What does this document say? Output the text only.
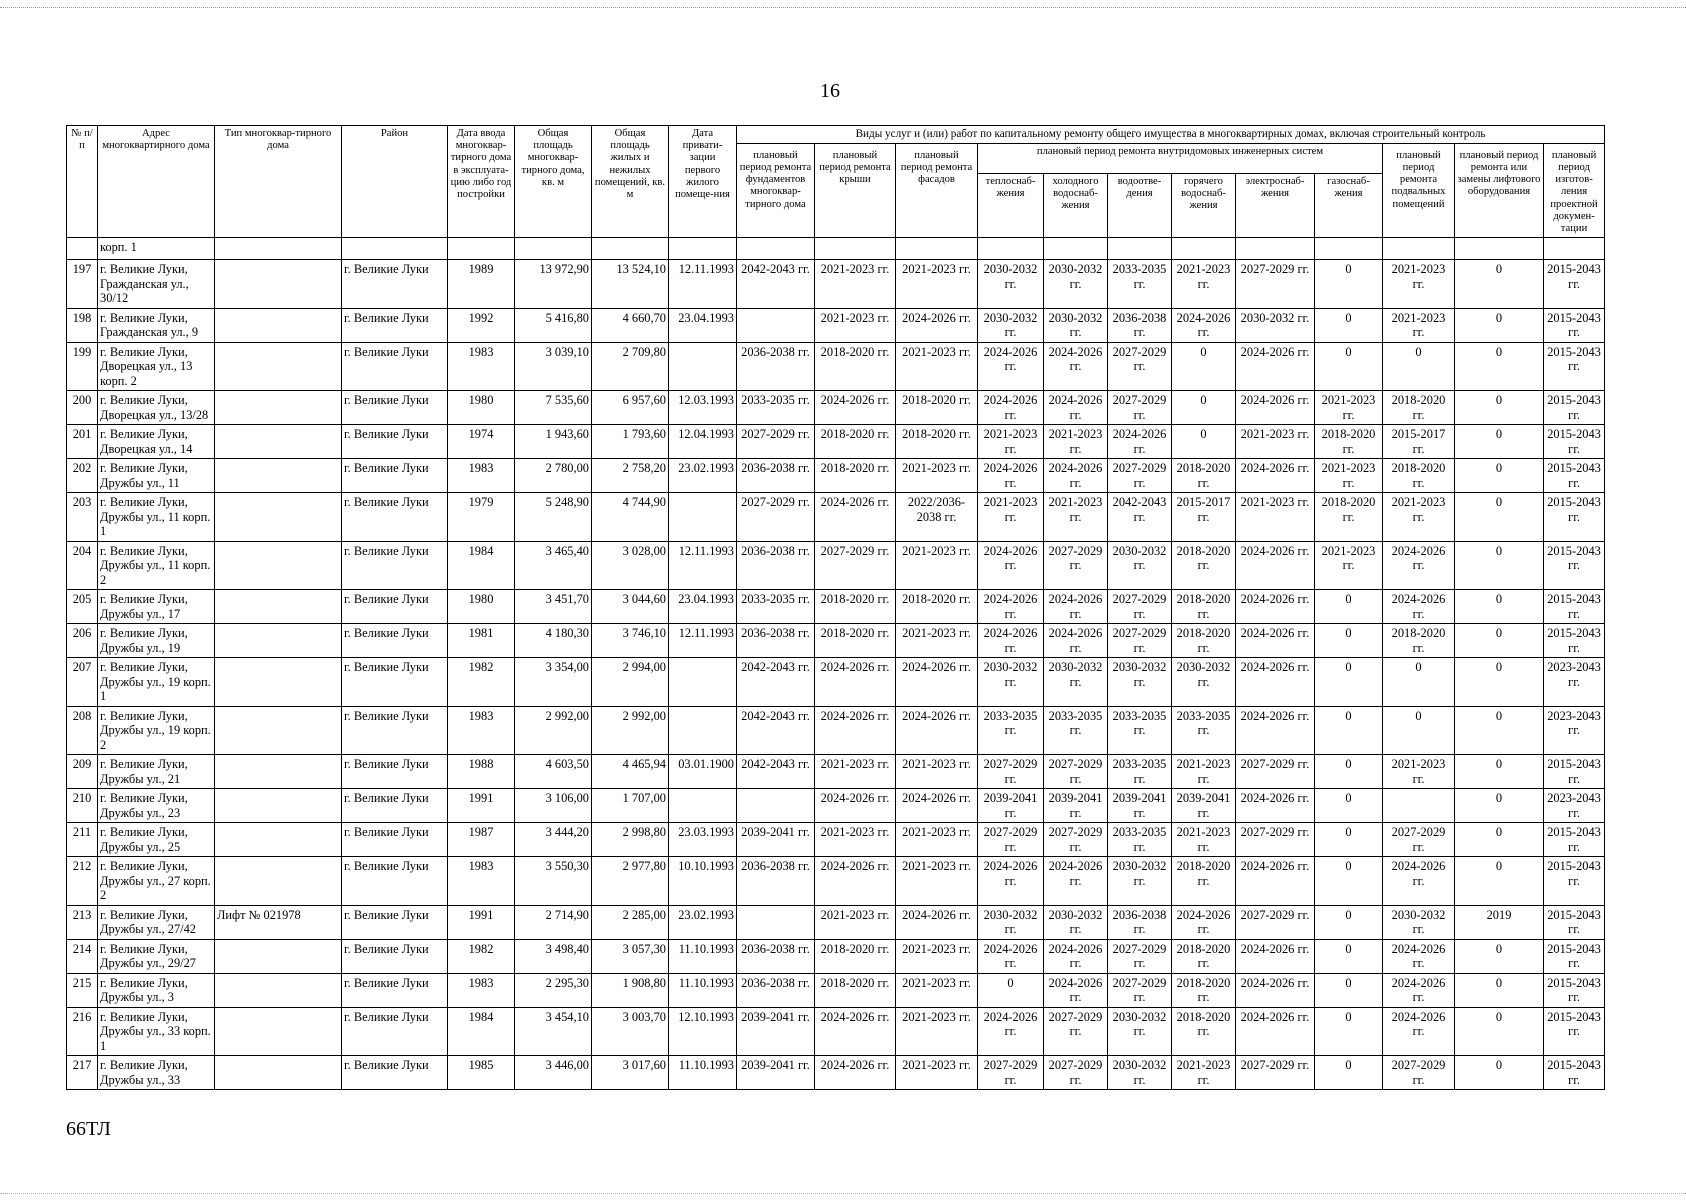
16
№ п/п	Адрес многоквартирного дома	Тип многоквар-тирного дома	Район	Дата ввода многоквар-тирного дома в эксплуата-цию либо год постройки	Общая площадь многоквар-тирного дома, кв. м	Общая площадь жилых и нежилых помещений, кв. м	Дата привати-зации первого жилого помеще-ния	Виды услуг и (или) работ по капитальному ремонту общего имущества в многоквартирных домах, включая строительный контроль											
								плановый период ремонта фундаментов многоквар-тирного дома	плановый период ремонта крыши	плановый период ремонта фасадов	плановый период ремонта внутридомовых инженерных систем						плановый период ремонта подвальных помещений	плановый период ремонта или замены лифтового оборудования	плановый период изготов-ления проектной докумен-тации
											теплоснаб-жения	холодного водоснаб-жения	водоотве-дения	горячего водоснаб-жения	электроснаб-жения	газоснаб-жения			
	корп. 1																		
197	г. Великие Луки, Гражданская ул., 30/12		г. Великие Луки	1989	13 972,90	13 524,10	12.11.1993	2042-2043 гг.	2021-2023 гг.	2021-2023 гг.	2030-2032 гг.	2030-2032 гг.	2033-2035 гг.	2021-2023 гг.	2027-2029 гг.	0	2021-2023 гг.	0	2015-2043 гг.
198	г. Великие Луки, Гражданская ул., 9		г. Великие Луки	1992	5 416,80	4 660,70	23.04.1993		2021-2023 гг.	2024-2026 гг.	2030-2032 гг.	2030-2032 гг.	2036-2038 гг.	2024-2026 гг.	2030-2032 гг.	0	2021-2023 гг.	0	2015-2043 гг.
199	г. Великие Луки, Дворецкая ул., 13 корп. 2		г. Великие Луки	1983	3 039,10	2 709,80		2036-2038 гг.	2018-2020 гг.	2021-2023 гг.	2024-2026 гг.	2024-2026 гг.	2027-2029 гг.	0	2024-2026 гг.	0	0	0	2015-2043 гг.
200	г. Великие Луки, Дворецкая ул., 13/28		г. Великие Луки	1980	7 535,60	6 957,60	12.03.1993	2033-2035 гг.	2024-2026 гг.	2018-2020 гг.	2024-2026 гг.	2024-2026 гг.	2027-2029 гг.	0	2024-2026 гг.	2021-2023 гг.	2018-2020 гг.	0	2015-2043 гг.
201	г. Великие Луки, Дворецкая ул., 14		г. Великие Луки	1974	1 943,60	1 793,60	12.04.1993	2027-2029 гг.	2018-2020 гг.	2018-2020 гг.	2021-2023 гг.	2021-2023 гг.	2024-2026 гг.	0	2021-2023 гг.	2018-2020 гг.	2015-2017 гг.	0	2015-2043 гг.
202	г. Великие Луки, Дружбы ул., 11		г. Великие Луки	1983	2 780,00	2 758,20	23.02.1993	2036-2038 гг.	2018-2020 гг.	2021-2023 гг.	2024-2026 гг.	2024-2026 гг.	2027-2029 гг.	2018-2020 гг.	2024-2026 гг.	2021-2023 гг.	2018-2020 гг.	0	2015-2043 гг.
203	г. Великие Луки, Дружбы ул., 11 корп. 1		г. Великие Луки	1979	5 248,90	4 744,90		2027-2029 гг.	2024-2026 гг.	2022/2036-2038 гг.	2021-2023 гг.	2021-2023 гг.	2042-2043 гг.	2015-2017 гг.	2021-2023 гг.	2018-2020 гг.	2021-2023 гг.	0	2015-2043 гг.
204	г. Великие Луки, Дружбы ул., 11 корп. 2		г. Великие Луки	1984	3 465,40	3 028,00	12.11.1993	2036-2038 гг.	2027-2029 гг.	2021-2023 гг.	2024-2026 гг.	2027-2029 гг.	2030-2032 гг.	2018-2020 гг.	2024-2026 гг.	2021-2023 гг.	2024-2026 гг.	0	2015-2043 гг.
205	г. Великие Луки, Дружбы ул., 17		г. Великие Луки	1980	3 451,70	3 044,60	23.04.1993	2033-2035 гг.	2018-2020 гг.	2018-2020 гг.	2024-2026 гг.	2024-2026 гг.	2027-2029 гг.	2018-2020 гг.	2024-2026 гг.	0	2024-2026 гг.	0	2015-2043 гг.
206	г. Великие Луки, Дружбы ул., 19		г. Великие Луки	1981	4 180,30	3 746,10	12.11.1993	2036-2038 гг.	2018-2020 гг.	2021-2023 гг.	2024-2026 гг.	2024-2026 гг.	2027-2029 гг.	2018-2020 гг.	2024-2026 гг.	0	2018-2020 гг.	0	2015-2043 гг.
207	г. Великие Луки, Дружбы ул., 19 корп. 1		г. Великие Луки	1982	3 354,00	2 994,00		2042-2043 гг.	2024-2026 гг.	2024-2026 гг.	2030-2032 гг.	2030-2032 гг.	2030-2032 гг.	2030-2032 гг.	2024-2026 гг.	0	0	0	2023-2043 гг.
208	г. Великие Луки, Дружбы ул., 19 корп. 2		г. Великие Луки	1983	2 992,00	2 992,00		2042-2043 гг.	2024-2026 гг.	2024-2026 гг.	2033-2035 гг.	2033-2035 гг.	2033-2035 гг.	2033-2035 гг.	2024-2026 гг.	0	0	0	2023-2043 гг.
209	г. Великие Луки, Дружбы ул., 21		г. Великие Луки	1988	4 603,50	4 465,94	03.01.1900	2042-2043 гг.	2021-2023 гг.	2021-2023 гг.	2027-2029 гг.	2027-2029 гг.	2033-2035 гг.	2021-2023 гг.	2027-2029 гг.	0	2021-2023 гг.	0	2015-2043 гг.
210	г. Великие Луки, Дружбы ул., 23		г. Великие Луки	1991	3 106,00	1 707,00			2024-2026 гг.	2024-2026 гг.	2039-2041 гг.	2039-2041 гг.	2039-2041 гг.	2039-2041 гг.	2024-2026 гг.	0		0	2023-2043 гг.
211	г. Великие Луки, Дружбы ул., 25		г. Великие Луки	1987	3 444,20	2 998,80	23.03.1993	2039-2041 гг.	2021-2023 гг.	2021-2023 гг.	2027-2029 гг.	2027-2029 гг.	2033-2035 гг.	2021-2023 гг.	2027-2029 гг.	0	2027-2029 гг.	0	2015-2043 гг.
212	г. Великие Луки, Дружбы ул., 27 корп. 2		г. Великие Луки	1983	3 550,30	2 977,80	10.10.1993	2036-2038 гг.	2024-2026 гг.	2021-2023 гг.	2024-2026 гг.	2024-2026 гг.	2030-2032 гг.	2018-2020 гг.	2024-2026 гг.	0	2024-2026 гг.	0	2015-2043 гг.
213	г. Великие Луки, Дружбы ул., 27/42	Лифт № 021978	г. Великие Луки	1991	2 714,90	2 285,00	23.02.1993		2021-2023 гг.	2024-2026 гг.	2030-2032 гг.	2030-2032 гг.	2036-2038 гг.	2024-2026 гг.	2027-2029 гг.	0	2030-2032 гг.	2019	2015-2043 гг.
214	г. Великие Луки, Дружбы ул., 29/27		г. Великие Луки	1982	3 498,40	3 057,30	11.10.1993	2036-2038 гг.	2018-2020 гг.	2021-2023 гг.	2024-2026 гг.	2024-2026 гг.	2027-2029 гг.	2018-2020 гг.	2024-2026 гг.	0	2024-2026 гг.	0	2015-2043 гг.
215	г. Великие Луки, Дружбы ул., 3		г. Великие Луки	1983	2 295,30	1 908,80	11.10.1993	2036-2038 гг.	2018-2020 гг.	2021-2023 гг.	0	2024-2026 гг.	2027-2029 гг.	2018-2020 гг.	2024-2026 гг.	0	2024-2026 гг.	0	2015-2043 гг.
216	г. Великие Луки, Дружбы ул., 33 корп. 1		г. Великие Луки	1984	3 454,10	3 003,70	12.10.1993	2039-2041 гг.	2024-2026 гг.	2021-2023 гг.	2024-2026 гг.	2027-2029 гг.	2030-2032 гг.	2018-2020 гг.	2024-2026 гг.	0	2024-2026 гг.	0	2015-2043 гг.
217	г. Великие Луки, Дружбы ул., 33		г. Великие Луки	1985	3 446,00	3 017,60	11.10.1993	2039-2041 гг.	2024-2026 гг.	2021-2023 гг.	2027-2029 гг.	2027-2029 гг.	2030-2032 гг.	2021-2023 гг.	2027-2029 гг.	0	2027-2029 гг.	0	2015-2043 гг.
66ТЛ
